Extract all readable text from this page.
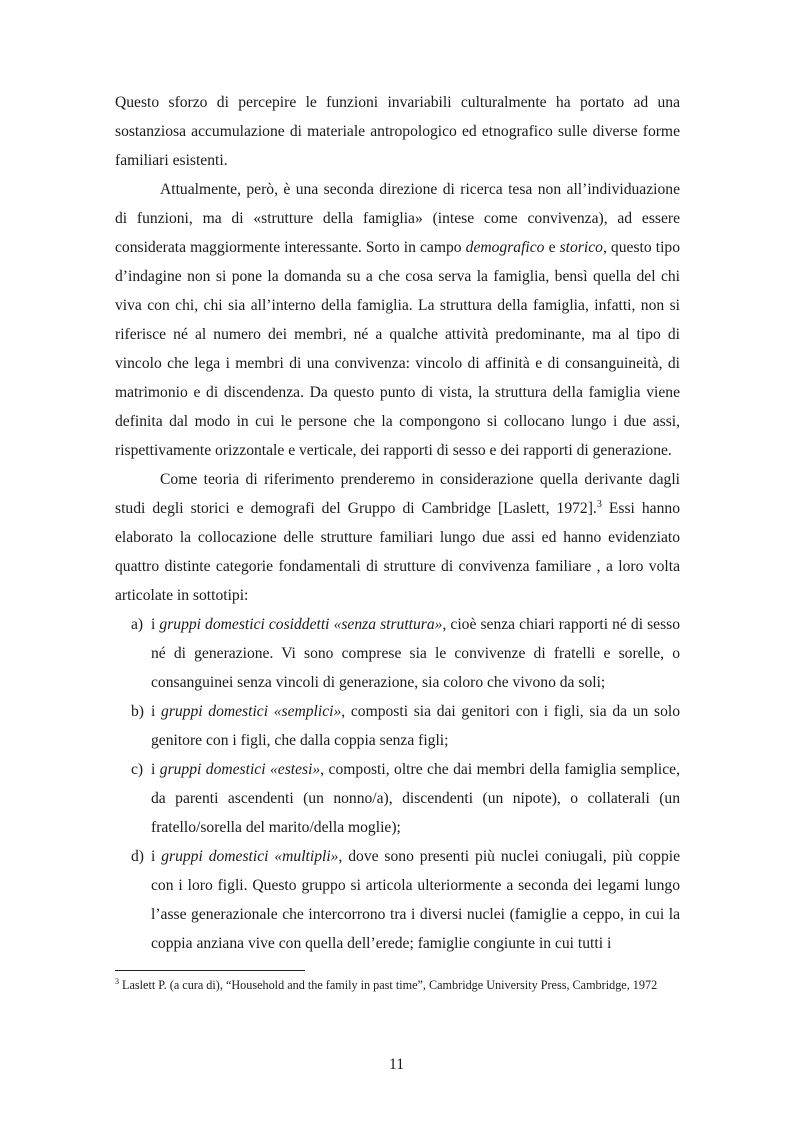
Questo sforzo di percepire le funzioni invariabili culturalmente ha portato ad una sostanziosa accumulazione di materiale antropologico ed etnografico sulle diverse forme familiari esistenti.

Attualmente, però, è una seconda direzione di ricerca tesa non all’individuazione di funzioni, ma di «strutture della famiglia» (intese come convivenza), ad essere considerata maggiormente interessante. Sorto in campo demografico e storico, questo tipo d’indagine non si pone la domanda su a che cosa serva la famiglia, bensì quella del chi viva con chi, chi sia all’interno della famiglia. La struttura della famiglia, infatti, non si riferisce né al numero dei membri, né a qualche attività predominante, ma al tipo di vincolo che lega i membri di una convivenza: vincolo di affinità e di consanguineità, di matrimonio e di discendenza. Da questo punto di vista, la struttura della famiglia viene definita dal modo in cui le persone che la compongono si collocano lungo i due assi, rispettivamente orizzontale e verticale, dei rapporti di sesso e dei rapporti di generazione.

Come teoria di riferimento prenderemo in considerazione quella derivante dagli studi degli storici e demografi del Gruppo di Cambridge [Laslett, 1972].$^3$ Essi hanno elaborato la collocazione delle strutture familiari lungo due assi ed hanno evidenziato quattro distinte categorie fondamentali di strutture di convivenza familiare , a loro volta articolate in sottotipi:

a) i gruppi domestici cosiddetti «senza struttura», cioè senza chiari rapporti né di sesso né di generazione. Vi sono comprese sia le convivenze di fratelli e sorelle, o consanguinei senza vincoli di generazione, sia coloro che vivono da soli;
b) i gruppi domestici «semplici», composti sia dai genitori con i figli, sia da un solo genitore con i figli, che dalla coppia senza figli;
c) i gruppi domestici «estesi», composti, oltre che dai membri della famiglia semplice, da parenti ascendenti (un nonno/a), discendenti (un nipote), o collaterali (un fratello/sorella del marito/della moglie);
d) i gruppi domestici «multipli», dove sono presenti più nuclei coniugali, più coppie con i loro figli. Questo gruppo si articola ulteriormente a seconda dei legami lungo l’asse generazionale che intercorrono tra i diversi nuclei (famiglie a ceppo, in cui la coppia anziana vive con quella dell’erede; famiglie congiunte in cui tutti i
$^3$ Laslett P. (a cura di), “Household and the family in past time”, Cambridge University Press, Cambridge, 1972
11
